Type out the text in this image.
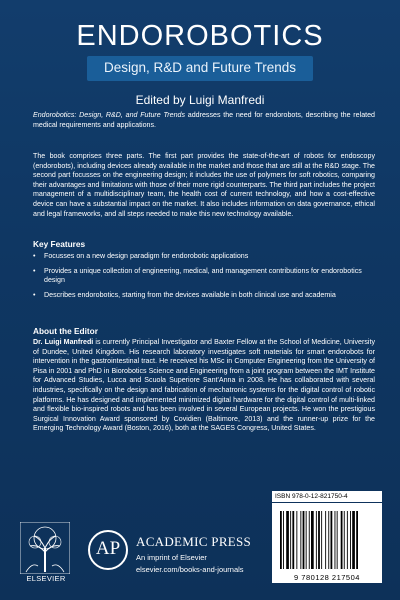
ENDOROBOTICS
Design, R&D and Future Trends
Edited by Luigi Manfredi
Endorobotics: Design, R&D, and Future Trends addresses the need for endorobots, describing the related medical requirements and applications.
The book comprises three parts. The first part provides the state-of-the-art of robots for endoscopy (endorobots), including devices already available in the market and those that are still at the R&D stage. The second part focusses on the engineering design; it includes the use of polymers for soft robotics, comparing their advantages and limitations with those of their more rigid counterparts. The third part includes the project management of a multidisciplinary team, the health cost of current technology, and how a cost-effective device can have a substantial impact on the market. It also includes information on data governance, ethical and legal frameworks, and all steps needed to make this new technology available.
Key Features
• Focusses on a new design paradigm for endorobotic applications
• Provides a unique collection of engineering, medical, and management contributions for endorobotics design
• Describes endorobotics, starting from the devices available in both clinical use and academia
About the Editor
Dr. Luigi Manfredi is currently Principal Investigator and Baxter Fellow at the School of Medicine, University of Dundee, United Kingdom. His research laboratory investigates soft materials for smart endorobots for intervention in the gastrointestinal tract. He received his MSc in Computer Engineering from the University of Pisa in 2001 and PhD in Biorobotics Science and Engineering from a joint program between the IMT Institute for Advanced Studies, Lucca and Scuola Superiore Sant'Anna in 2008. He has collaborated with several industries, specifically on the design and fabrication of mechatronic systems for the digital control of robotic platforms. He has designed and implemented minimized digital hardware for the digital control of multi-linked and flexible bio-inspired robots and has been involved in several European projects. He won the prestigious Surgical Innovation Award sponsored by Covidien (Baltimore, 2013) and the runner-up prize for the Emerging Technology Award (Boston, 2016), both at the SAGES Congress, United States.
ELSEVIER
AP	ACADEMIC PRESS
An imprint of Elsevier
elsevier.com/books-and-journals
ISBN 978-0-12-821750-4
9 780128 217504
